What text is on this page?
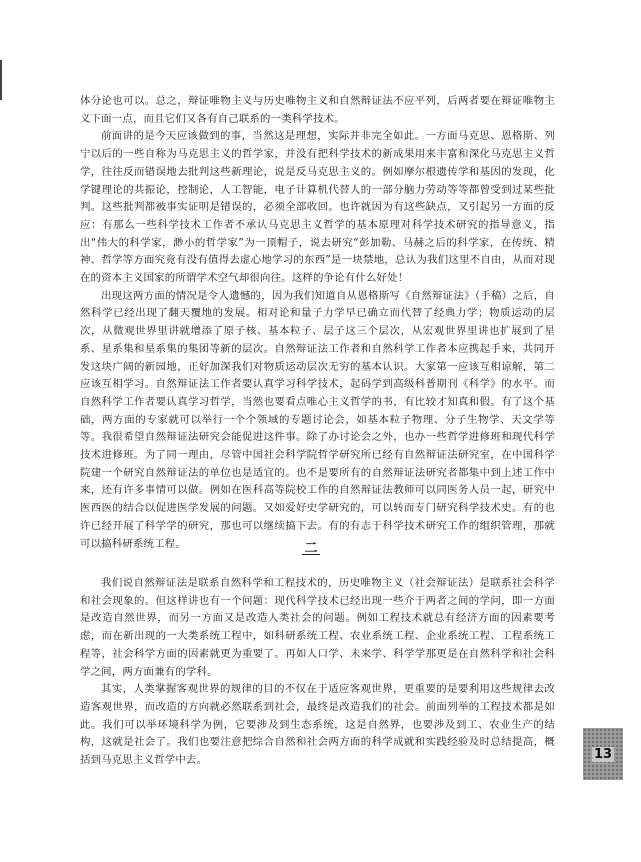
体分论也可以。总之，辩证唯物主义与历史唯物主义和自然辩证法不应平列，后两者要在辩证唯物主义下面一点，而且它们又各有自己联系的一类科学技术。

前面讲的是今天应该做到的事，当然这是理想，实际并非完全如此。一方面马克思、恩格斯、列宁以后的一些自称为马克思主义的哲学家，并没有把科学技术的新成果用来丰富和深化马克思主义哲学，往往反而错误地去批判这些新理论，说是反马克思主义的。例如摩尔根遗传学和基因的发现，化学键理论的共振论，控制论，人工智能，电子计算机代替人的一部分脑力劳动等等都曾受到过某些批判。这些批判都被事实证明是错误的，必须全部收回。也许就因为有这些缺点，又引起另一方面的反应：有那么一些科学技术工作者不承认马克思主义哲学的基本原理对科学技术研究的指导意义，指出“伟大的科学家，渺小的哲学家”为一顶帽子，说去研究“彭加勒、马赫之后的科学家，在传统、精神、哲学等方面究竟有没有值得去虚心地学习的东西”是一块禁地，总认为我们这里不自由，从而对现在的资本主义国家的所谓学术空气却很向往。这样的争论有什么好处！

出现这两方面的情况是令人遗憾的，因为我们知道自从恩格斯写《自然辩证法》（手稿）之后，自然科学已经出现了翻天覆地的发展。相对论和量子力学早已确立而代替了经典力学；物质运动的层次，从微观世界里讲就增添了原子核、基本粒子、层子这三个层次，从宏观世界里讲也扩展到了星系、星系集和星系集的集团等新的层次。自然辩证法工作者和自然科学工作者本应携起手来，共同开发这块广阔的新园地，正好加深我们对物质运动层次无穷的基本认识。大家第一应该互相谅解，第二应该互相学习。自然辩证法工作者要认真学习科学技术，起码学到高级科普期刊《科学》的水平。而自然科学工作者要认真学习哲学，当然也要看点唯心主义哲学的书，有比较才知真和假。有了这个基础，两方面的专家就可以举行一个个领域的专题讨论会，如基本粒子物理、分子生物学、天文学等等。我很希望自然辩证法研究会能促进这件事。除了办讨论会之外，也办一些哲学进修班和现代科学技术进修班。为了同一理由，尽管中国社会科学院哲学研究所已经有自然辩证法研究室，在中国科学院建一个研究自然辩证法的单位也是适宜的。也不是要所有的自然辩证法研究者都集中到上述工作中来，还有许多事情可以做。例如在医科高等院校工作的自然辩证法教师可以同医务人员一起，研究中医西医的结合以促进医学发展的问题。又如爱好史学研究的，可以转而专门研究科学技术史。有的也许已经开展了科学学的研究，那也可以继续搞下去。有的有志于科学技术研究工作的组织管理，那就可以搞科研系统工程。	二

我们说自然辩证法是联系自然科学和工程技术的，历史唯物主义（社会辩证法）是联系社会科学和社会现象的。但这样讲也有一个问题：现代科学技术已经出现一些介于两者之间的学问，即一方面是改造自然世界，而另一方面又是改造人类社会的问题。例如工程技术就总有经济方面的因素要考虑，而在新出现的一大类系统工程中，如科研系统工程、农业系统工程、企业系统工程、工程系统工程等，社会科学方面的因素就更为重要了。再如人口学、未来学、科学学那更是在自然科学和社会科学之间，两方面兼有的学科。

其实，人类掌握客观世界的规律的目的不仅在于适应客观世界，更重要的是要利用这些规律去改造客观世界，而改造的方向就必然联系到社会，最终是改造我们的社会。前面列举的工程技术都是如此。我们可以举环境科学为例，它要涉及到生态系统，这是自然界，也要涉及到工、农业生产的结构，这就是社会了。我们也要注意把综合自然和社会两方面的科学成就和实践经验及时总结提高，概括到马克思主义哲学中去。	13
